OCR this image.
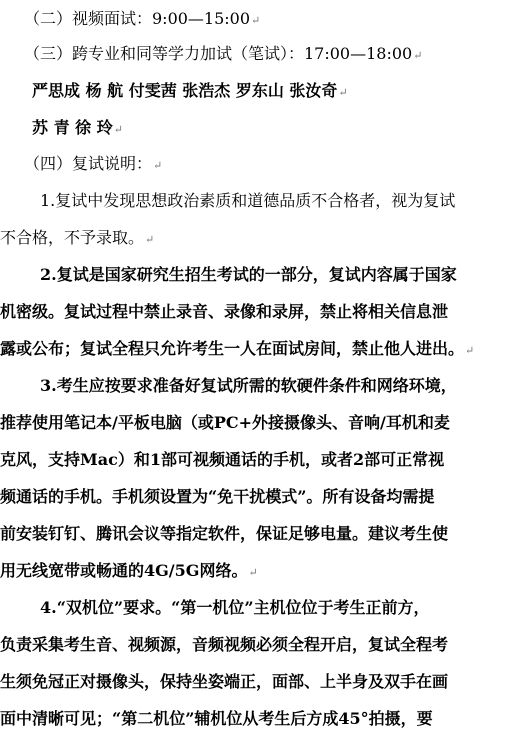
（二）视频面试：9:00—15:00↵
（三）跨专业和同等学力加试（笔试）：17:00—18:00↵
严思成 杨 航 付雯茜 张浩杰 罗东山 张汝奇↵
苏 青 徐 玲↵
（四）复试说明：↵
1.复试中发现思想政治素质和道德品质不合格者，视为复试
不合格，不予录取。↵
2.复试是国家研究生招生考试的一部分，复试内容属于国家
机密级。复试过程中禁止录音、录像和录屏，禁止将相关信息泄
露或公布；复试全程只允许考生一人在面试房间，禁止他人进出。↵
3.考生应按要求准备好复试所需的软硬件条件和网络环境，
推荐使用笔记本/平板电脑（或PC+外接摄像头、音响/耳机和麦
克风，支持Mac）和1部可视频通话的手机，或者2部可正常视
频通话的手机。手机须设置为“免干扰模式”。所有设备均需提
前安装钉钉、腾讯会议等指定软件，保证足够电量。建议考生使
用无线宽带或畅通的4G/5G网络。↵
4.“双机位”要求。“第一机位”主机位位于考生正前方，
负责采集考生音、视频源，音频视频必须全程开启，复试全程考
生须免冠正对摄像头，保持坐姿端正，面部、上半身及双手在画
面中清晰可见；“第二机位”辅机位从考生后方成45°拍摄，要
